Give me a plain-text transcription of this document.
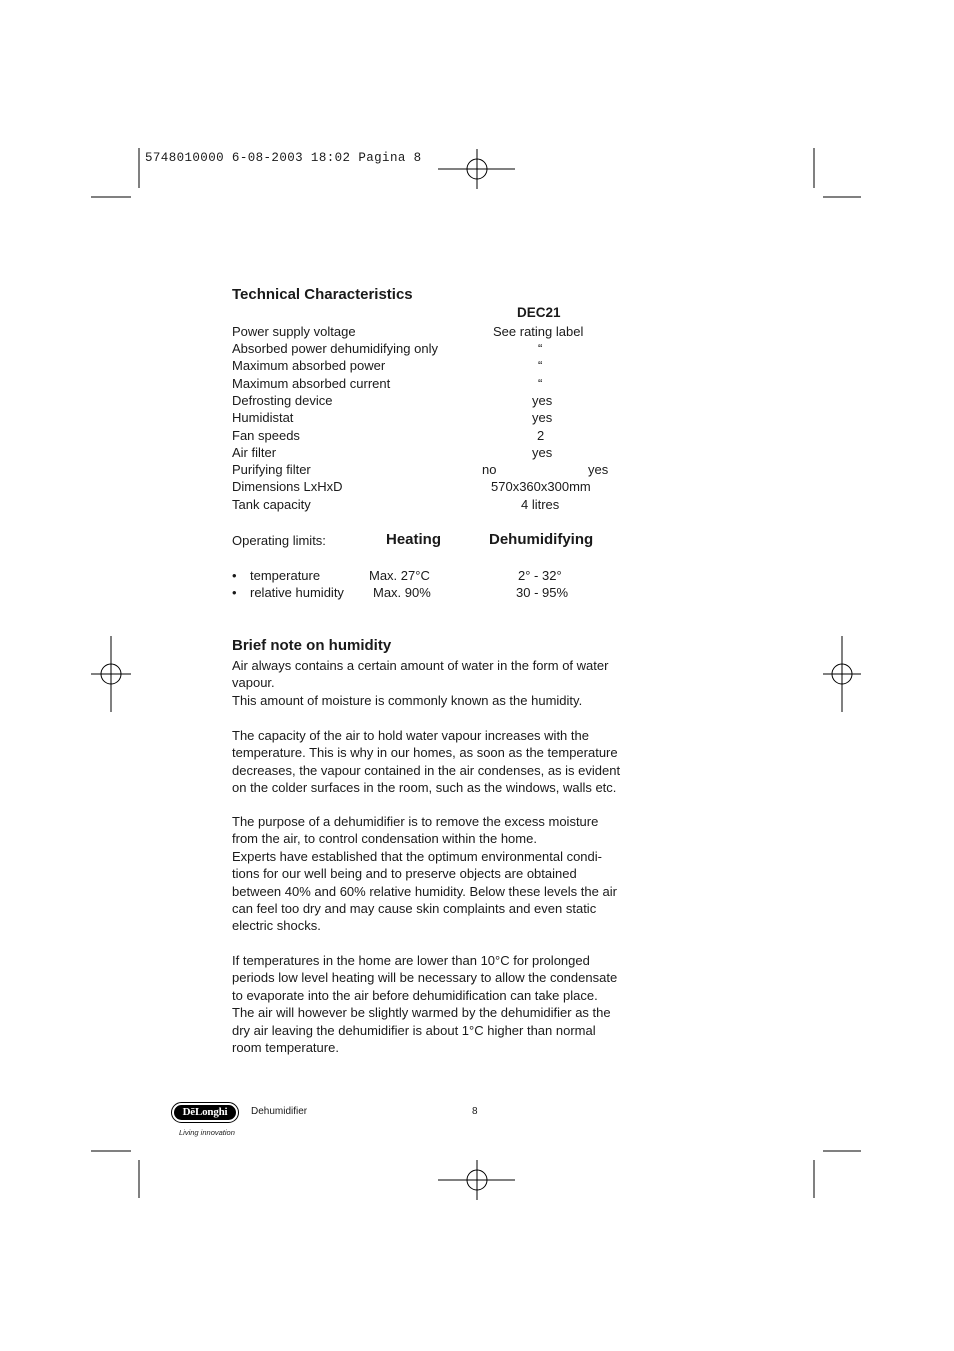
5748010000 6-08-2003 18:02 Pagina 8
Technical Characteristics
DEC21
Power supply voltage	See rating label
Absorbed power dehumidifying only	“
Maximum absorbed power	“
Maximum absorbed current	“
Defrosting device	yes
Humidistat	yes
Fan speeds	2
Air filter	yes
Purifying filter	no	yes
Dimensions LxHxD	570x360x300mm
Tank capacity	4 litres
Operating limits:	Heating	Dehumidifying
• temperature	Max. 27°C	2° - 32°
• relative humidity Max. 90%	30 - 95%
Brief note on humidity
Air always contains a certain amount of water in the form of water
vapour.
This amount of moisture is commonly known as the humidity.
The capacity of the air to hold water vapour increases with the
temperature. This is why in our homes, as soon as the temperature
decreases, the vapour contained in the air condenses, as is evident
on the colder surfaces in the room, such as the windows, walls etc.
The purpose of a dehumidifier is to remove the excess moisture
from the air, to control condensation within the home.
Experts have established that the optimum environmental condi-
tions for our well being and to preserve objects are obtained
between 40% and 60% relative humidity. Below these levels the air
can feel too dry and may cause skin complaints and even static
electric shocks.
If temperatures in the home are lower than 10°C for prolonged
periods low level heating will be necessary to allow the condensate
to evaporate into the air before dehumidification can take place.
The air will however be slightly warmed by the dehumidifier as the
dry air leaving the dehumidifier is about 1°C higher than normal
room temperature.
DēLonghi
Living innovation
Dehumidifier	8
